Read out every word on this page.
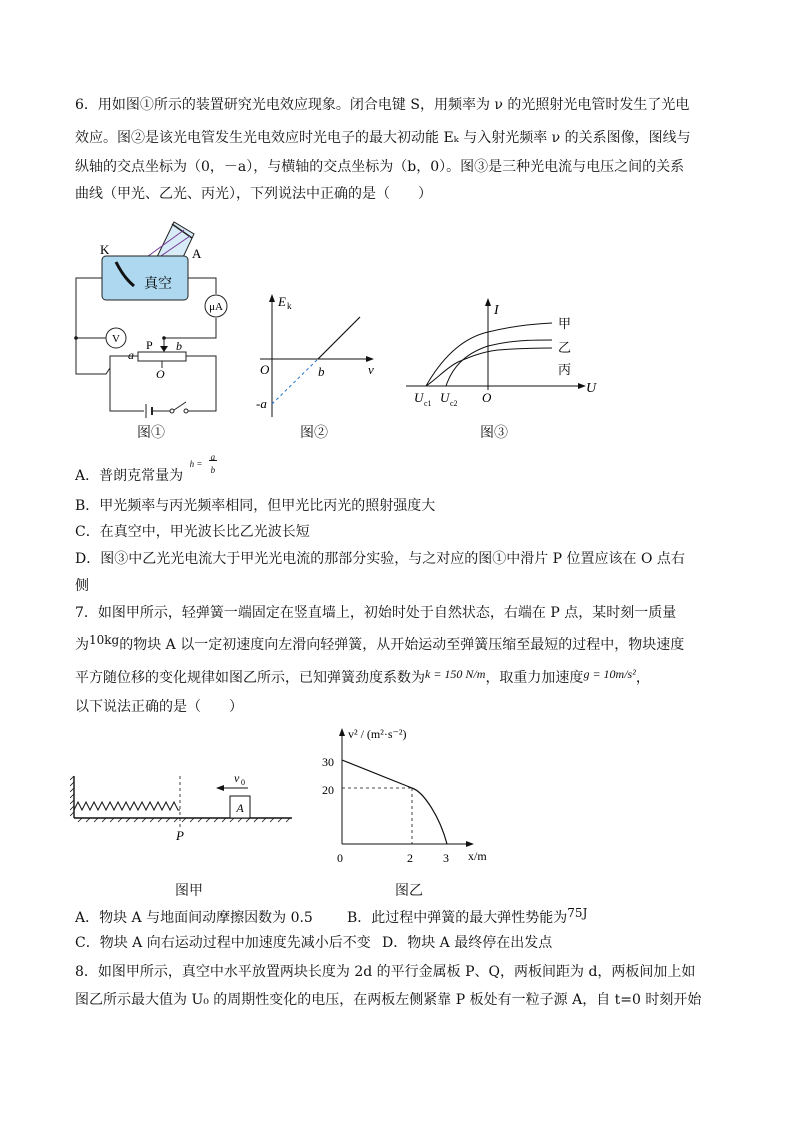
6．用如图①所示的装置研究光电效应现象。闭合电键 S，用频率为 ν 的光照射光电管时发生了光电
效应。图②是该光电管发生光电效应时光电子的最大初动能 Eₖ 与入射光频率 ν 的关系图像，图线与
纵轴的交点坐标为（0，－a），与横轴的交点坐标为（b，0）。图③是三种光电流与电压之间的关系
曲线（甲光、乙光、丙光），下列说法中正确的是（　　）
真空
K	A
μA
V P
a
b
O
图①
E k
O	b	ν
-a
图②
I
U
O
U c1 U c2
甲
乙
丙
图③
A．普朗克常量为
h =
a
b
B．甲光频率与丙光频率相同，但甲光比丙光的照射强度大
C．在真空中，甲光波长比乙光波长短
D．图③中乙光光电流大于甲光光电流的那部分实验，与之对应的图①中滑片 P 位置应该在 O 点右
侧
7．如图甲所示，轻弹簧一端固定在竖直墙上，初始时处于自然状态，右端在 P 点，某时刻一质量
为10kg的物块 A 以一定初速度向左滑向轻弹簧，从开始运动至弹簧压缩至最短的过程中，物块速度
平方随位移的变化规律如图乙所示，已知弹簧劲度系数为k = 150 N/m，取重力加速度g = 10m/s²，
以下说法正确的是（　　）
P
A
v 0
图甲
v² / (m²·s⁻²)
x/m
30
20
0	2	3
图乙
A．物块 A 与地面间动摩擦因数为 0.5 B．此过程中弹簧的最大弹性势能为75J
C．物块 A 向右运动过程中加速度先减小后不变 D．物块 A 最终停在出发点
8．如图甲所示，真空中水平放置两块长度为 2d 的平行金属板 P、Q，两板间距为 d，两板间加上如
图乙所示最大值为 U₀ 的周期性变化的电压，在两板左侧紧靠 P 板处有一粒子源 A，自 t=0 时刻开始
